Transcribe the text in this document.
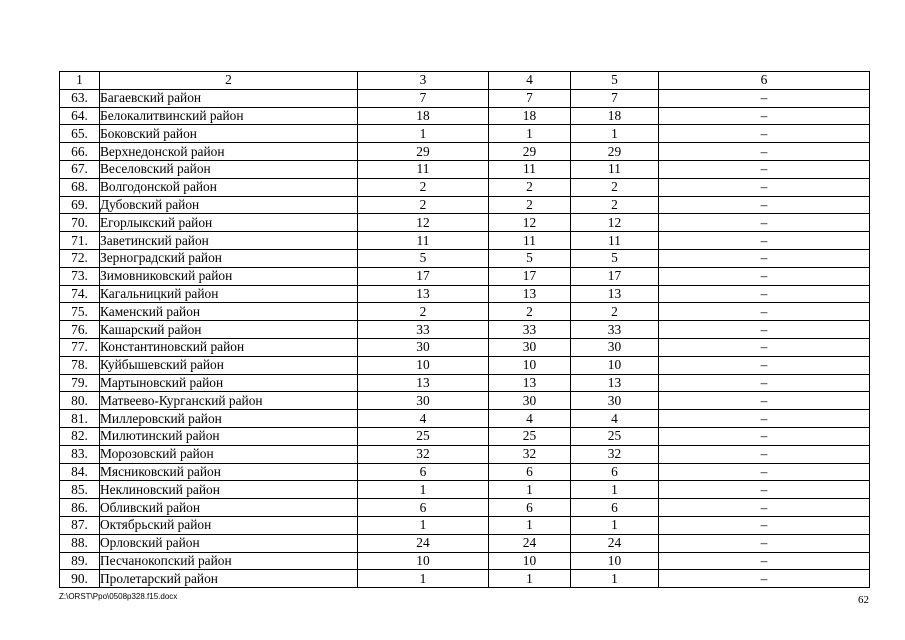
1	2	3	4	5	6
63.	Багаевский район	7	7	7	–
64.	Белокалитвинский район	18	18	18	–
65.	Боковский район	1	1	1	–
66.	Верхнедонской район	29	29	29	–
67.	Веселовский район	11	11	11	–
68.	Волгодонской район	2	2	2	–
69.	Дубовский район	2	2	2	–
70.	Егорлыкский район	12	12	12	–
71.	Заветинский район	11	11	11	–
72.	Зерноградский район	5	5	5	–
73.	Зимовниковский район	17	17	17	–
74.	Кагальницкий район	13	13	13	–
75.	Каменский район	2	2	2	–
76.	Кашарский район	33	33	33	–
77.	Константиновский район	30	30	30	–
78.	Куйбышевский район	10	10	10	–
79.	Мартыновский район	13	13	13	–
80.	Матвеево-Курганский район	30	30	30	–
81.	Миллеровский район	4	4	4	–
82.	Милютинский район	25	25	25	–
83.	Морозовский район	32	32	32	–
84.	Мясниковский район	6	6	6	–
85.	Неклиновский район	1	1	1	–
86.	Обливский район	6	6	6	–
87.	Октябрьский район	1	1	1	–
88.	Орловский район	24	24	24	–
89.	Песчанокопский район	10	10	10	–
90.	Пролетарский район	1	1	1	–
Z:\ORST\Ppo\0508p328.f15.docx	62
